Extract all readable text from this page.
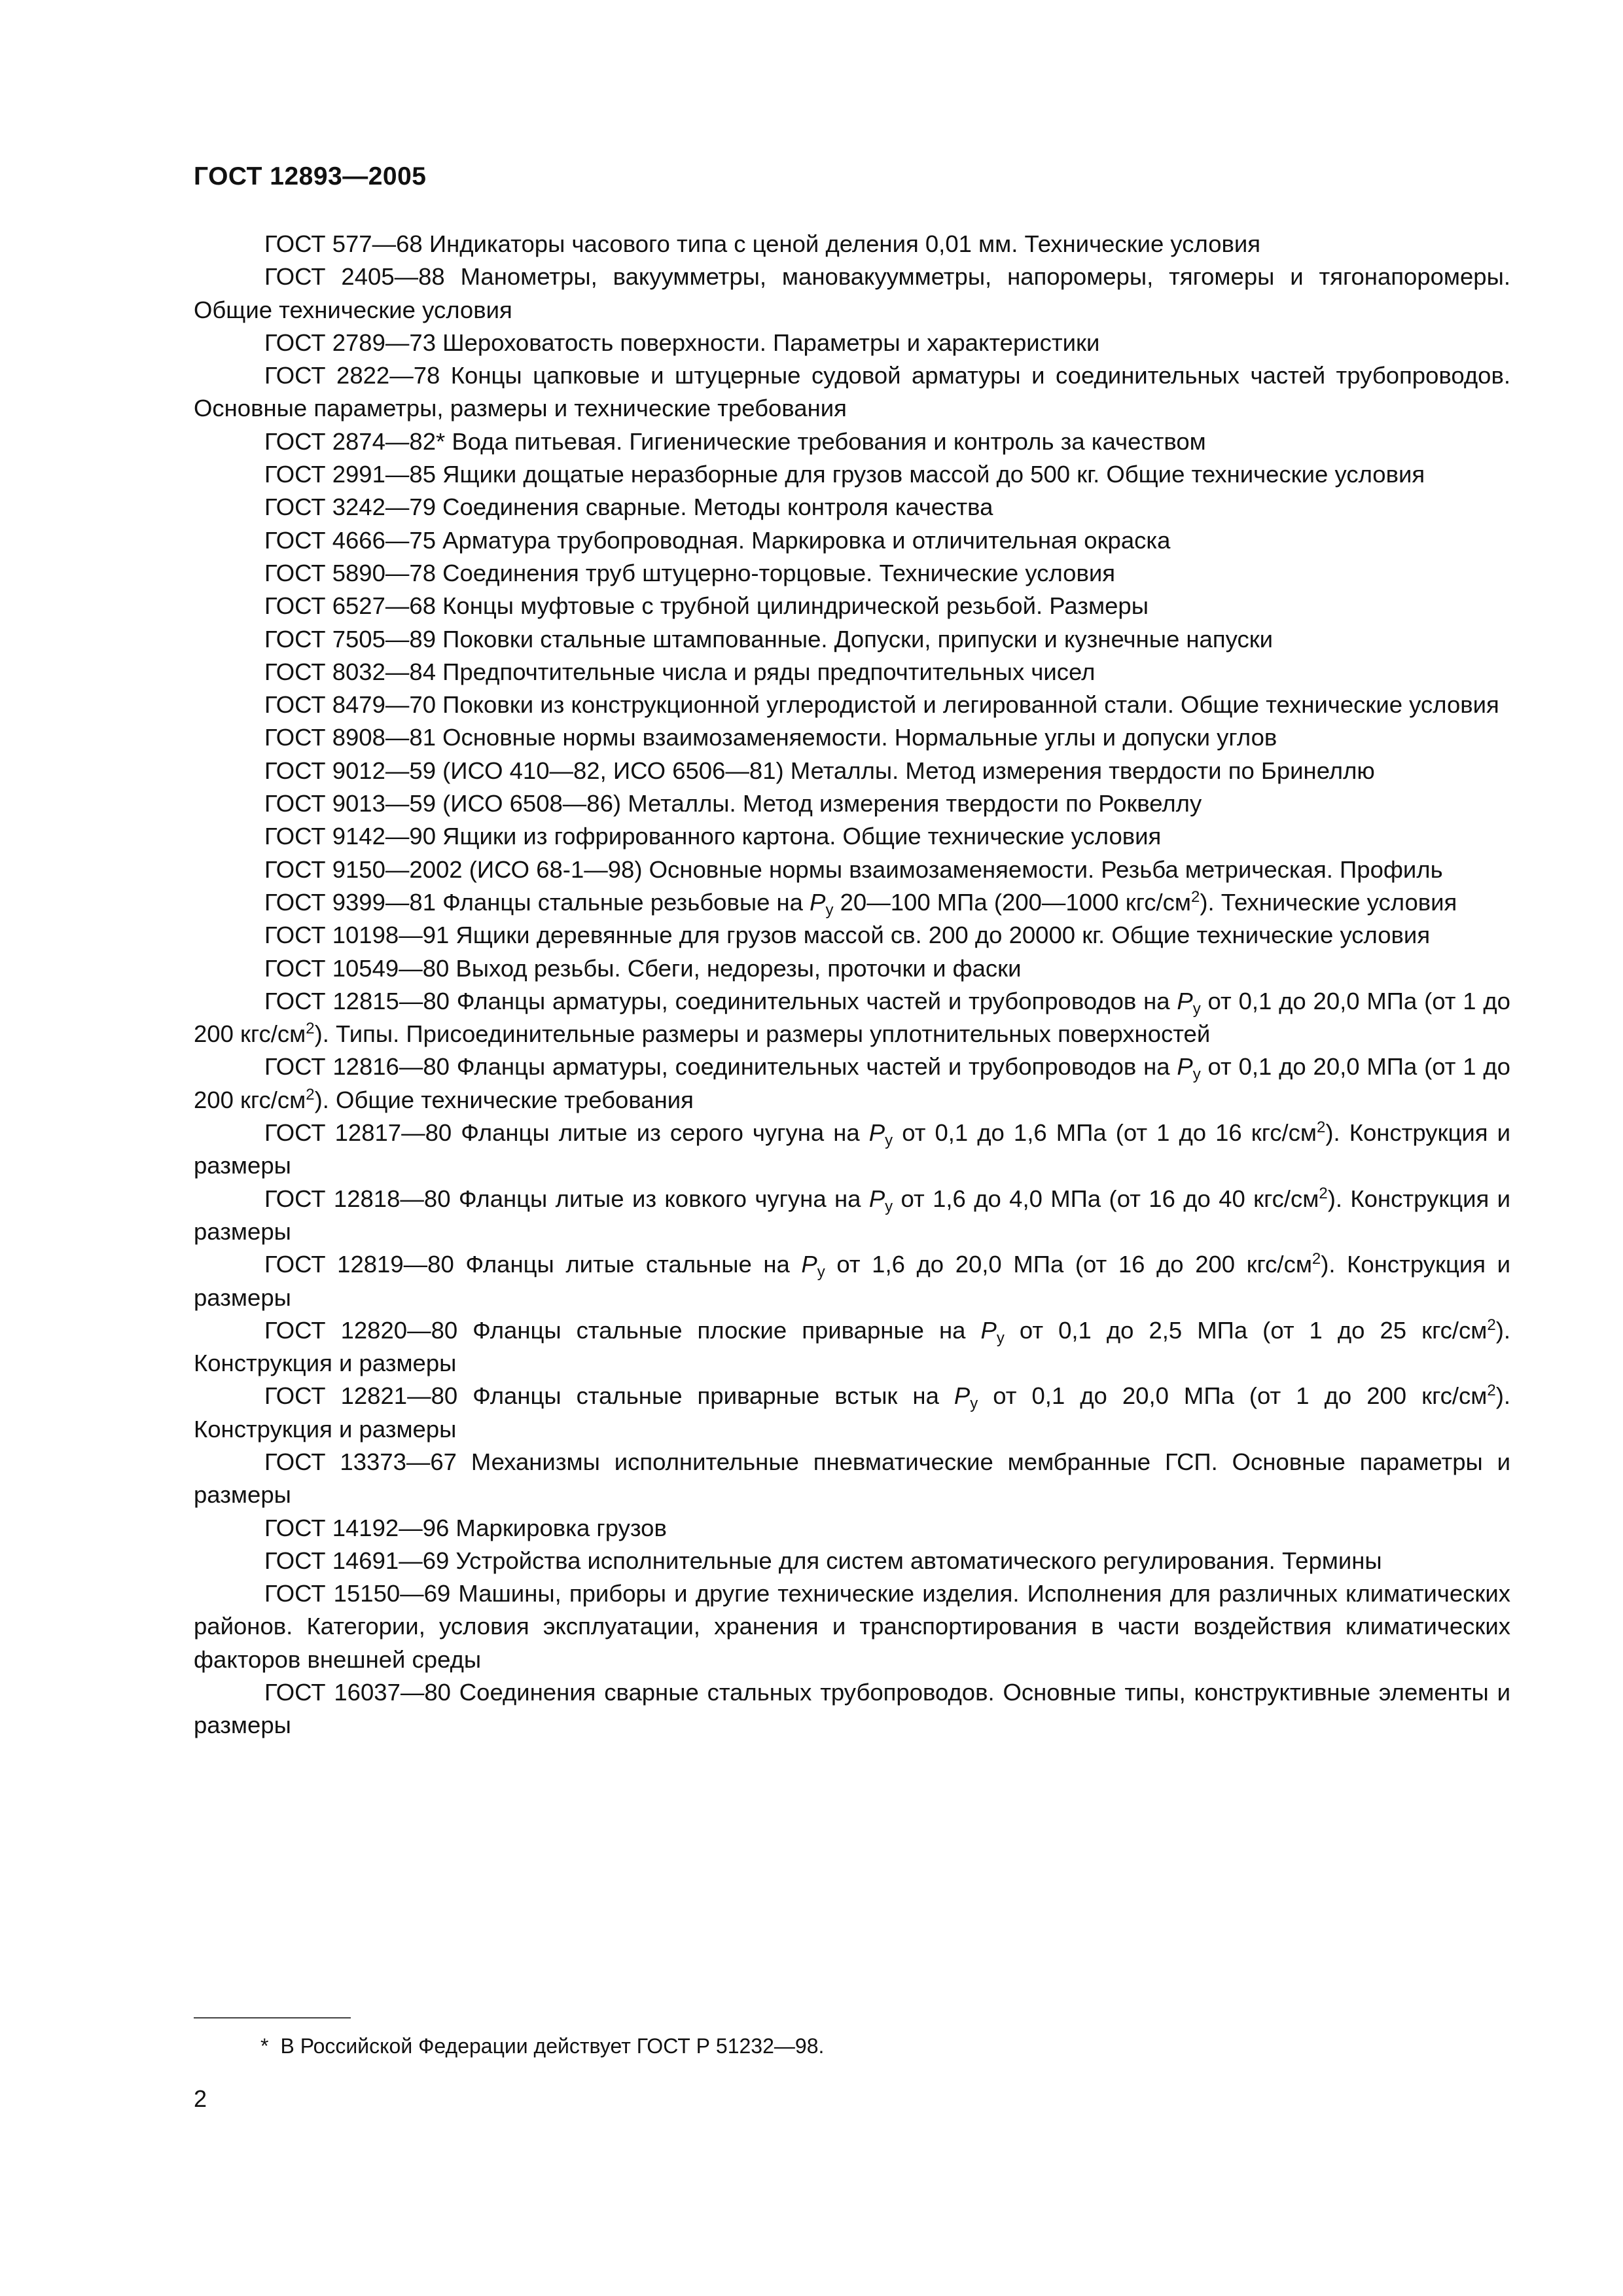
ГОСТ 12893—2005

ГОСТ 577—68 Индикаторы часового типа с ценой деления 0,01 мм. Технические условия

ГОСТ 2405—88 Манометры, вакуумметры, мановакуумметры, напоромеры, тягомеры и тягонапоромеры. Общие технические условия

ГОСТ 2789—73 Шероховатость поверхности. Параметры и характеристики

ГОСТ 2822—78 Концы цапковые и штуцерные судовой арматуры и соединительных частей трубопроводов. Основные параметры, размеры и технические требования

ГОСТ 2874—82* Вода питьевая. Гигиенические требования и контроль за качеством

ГОСТ 2991—85 Ящики дощатые неразборные для грузов массой до 500 кг. Общие технические условия

ГОСТ 3242—79 Соединения сварные. Методы контроля качества

ГОСТ 4666—75 Арматура трубопроводная. Маркировка и отличительная окраска

ГОСТ 5890—78 Соединения труб штуцерно-торцовые. Технические условия

ГОСТ 6527—68 Концы муфтовые с трубной цилиндрической резьбой. Размеры

ГОСТ 7505—89 Поковки стальные штампованные. Допуски, припуски и кузнечные напуски

ГОСТ 8032—84 Предпочтительные числа и ряды предпочтительных чисел

ГОСТ 8479—70 Поковки из конструкционной углеродистой и легированной стали. Общие технические условия

ГОСТ 8908—81 Основные нормы взаимозаменяемости. Нормальные углы и допуски углов

ГОСТ 9012—59 (ИСО 410—82, ИСО 6506—81) Металлы. Метод измерения твердости по Бринеллю

ГОСТ 9013—59 (ИСО 6508—86) Металлы. Метод измерения твердости по Роквеллу

ГОСТ 9142—90 Ящики из гофрированного картона. Общие технические условия

ГОСТ 9150—2002 (ИСО 68-1—98) Основные нормы взаимозаменяемости. Резьба метрическая. Профиль

ГОСТ 9399—81 Фланцы стальные резьбовые на $P_у$ 20—100 МПа (200—1000 кгс/$см^2$). Технические условия

ГОСТ 10198—91 Ящики деревянные для грузов массой св. 200 до 20000 кг. Общие технические условия

ГОСТ 10549—80 Выход резьбы. Сбеги, недорезы, проточки и фаски

ГОСТ 12815—80 Фланцы арматуры, соединительных частей и трубопроводов на $P_у$ от 0,1 до 20,0 МПа (от 1 до 200 кгс/$см^2$). Типы. Присоединительные размеры и размеры уплотнительных поверхностей

ГОСТ 12816—80 Фланцы арматуры, соединительных частей и трубопроводов на $P_у$ от 0,1 до 20,0 МПа (от 1 до 200 кгс/$см^2$). Общие технические требования

ГОСТ 12817—80 Фланцы литые из серого чугуна на $P_у$ от 0,1 до 1,6 МПа (от 1 до 16 кгс/$см^2$). Конструкция и размеры

ГОСТ 12818—80 Фланцы литые из ковкого чугуна на $P_у$ от 1,6 до 4,0 МПа (от 16 до 40 кгс/$см^2$). Конструкция и размеры

ГОСТ 12819—80 Фланцы литые стальные на $P_у$ от 1,6 до 20,0 МПа (от 16 до 200 кгс/$см^2$). Конструкция и размеры

ГОСТ 12820—80 Фланцы стальные плоские приварные на $P_у$ от 0,1 до 2,5 МПа (от 1 до 25 кгс/$см^2$). Конструкция и размеры

ГОСТ 12821—80 Фланцы стальные приварные встык на $P_у$ от 0,1 до 20,0 МПа (от 1 до 200 кгс/$см^2$). Конструкция и размеры

ГОСТ 13373—67 Механизмы исполнительные пневматические мембранные ГСП. Основные параметры и размеры

ГОСТ 14192—96 Маркировка грузов

ГОСТ 14691—69 Устройства исполнительные для систем автоматического регулирования. Термины

ГОСТ 15150—69 Машины, приборы и другие технические изделия. Исполнения для различных климатических районов. Категории, условия эксплуатации, хранения и транспортирования в части воздействия климатических факторов внешней среды

ГОСТ 16037—80 Соединения сварные стальных трубопроводов. Основные типы, конструктивные элементы и размеры

* В Российской Федерации действует ГОСТ Р 51232—98.
2
